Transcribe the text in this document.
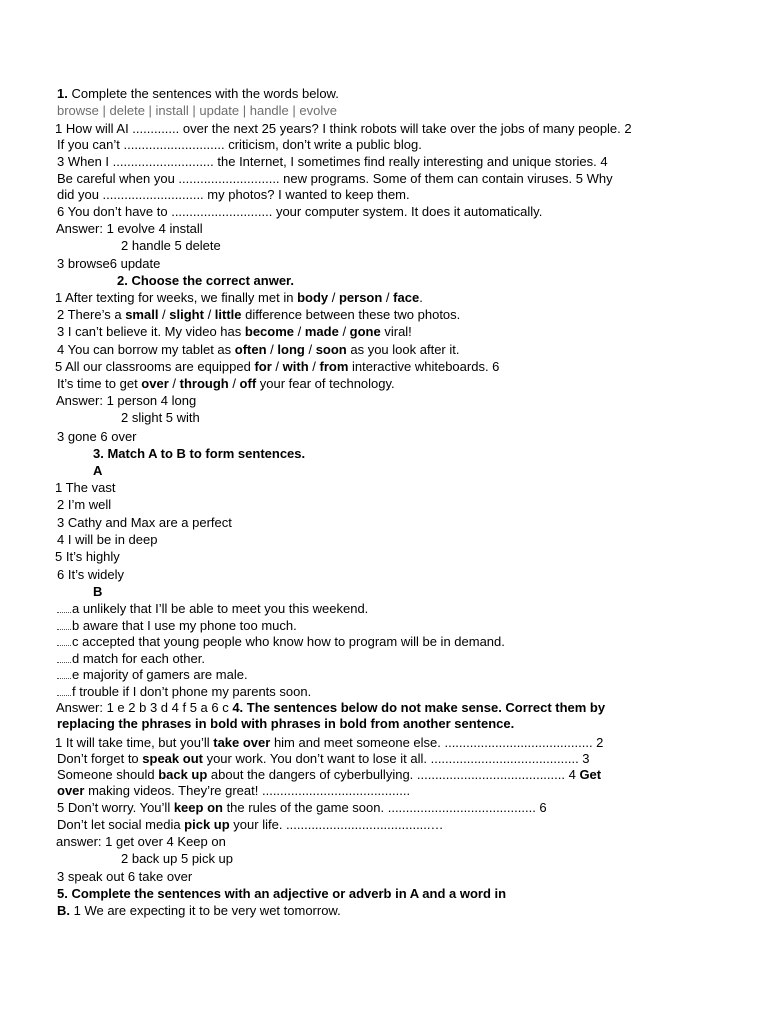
1. Complete the sentences with the words below.
browse | delete | install | update | handle | evolve
1 How will AI ............. over the next 25 years? I think robots will take over the jobs of many people. 2
If you can’t ............................ criticism, don’t write a public blog.
3 When I ............................ the Internet, I sometimes find really interesting and unique stories. 4
Be careful when you ............................ new programs. Some of them can contain viruses. 5 Why
did you ............................ my photos? I wanted to keep them.
6 You don’t have to ............................ your computer system. It does it automatically.
Answer: 1 evolve 4 install
2 handle 5 delete
3 browse6 update
2. Choose the correct anwer.
1 After texting for weeks, we finally met in body / person / face.
2 There’s a small / slight / little difference between these two photos.
3 I can’t believe it. My video has become / made / gone viral!
4 You can borrow my tablet as often / long / soon as you look after it.
5 All our classrooms are equipped for / with / from interactive whiteboards. 6
It’s time to get over / through / off your fear of technology.
Answer: 1 person 4 long
2 slight 5 with
3 gone 6 over
3. Match A to B to form sentences.
A
1 The vast
2 I’m well
3 Cathy and Max are a perfect
4 I will be in deep
5 It’s highly
6 It’s widely
B
a unlikely that I’ll be able to meet you this weekend.
b aware that I use my phone too much.
c accepted that young people who know how to program will be in demand.
d match for each other.
e majority of gamers are male.
f trouble if I don’t phone my parents soon.
Answer: 1 e 2 b 3 d 4 f 5 a 6 c 4. The sentences below do not make sense. Correct them by
replacing the phrases in bold with phrases in bold from another sentence.
1 It will take time, but you’ll take over him and meet someone else. ......................................... 2
Don’t forget to speak out your work. You don’t want to lose it all. ......................................... 3
Someone should back up about the dangers of cyberbullying. ......................................... 4 Get
over making videos. They’re great! .........................................
5 Don’t worry. You’ll keep on the rules of the game soon. ......................................... 6
Don’t let social media pick up your life. ........................................…
answer: 1 get over 4 Keep on
2 back up 5 pick up
3 speak out 6 take over
5. Complete the sentences with an adjective or adverb in A and a word in
B. 1 We are expecting it to be very wet tomorrow.
